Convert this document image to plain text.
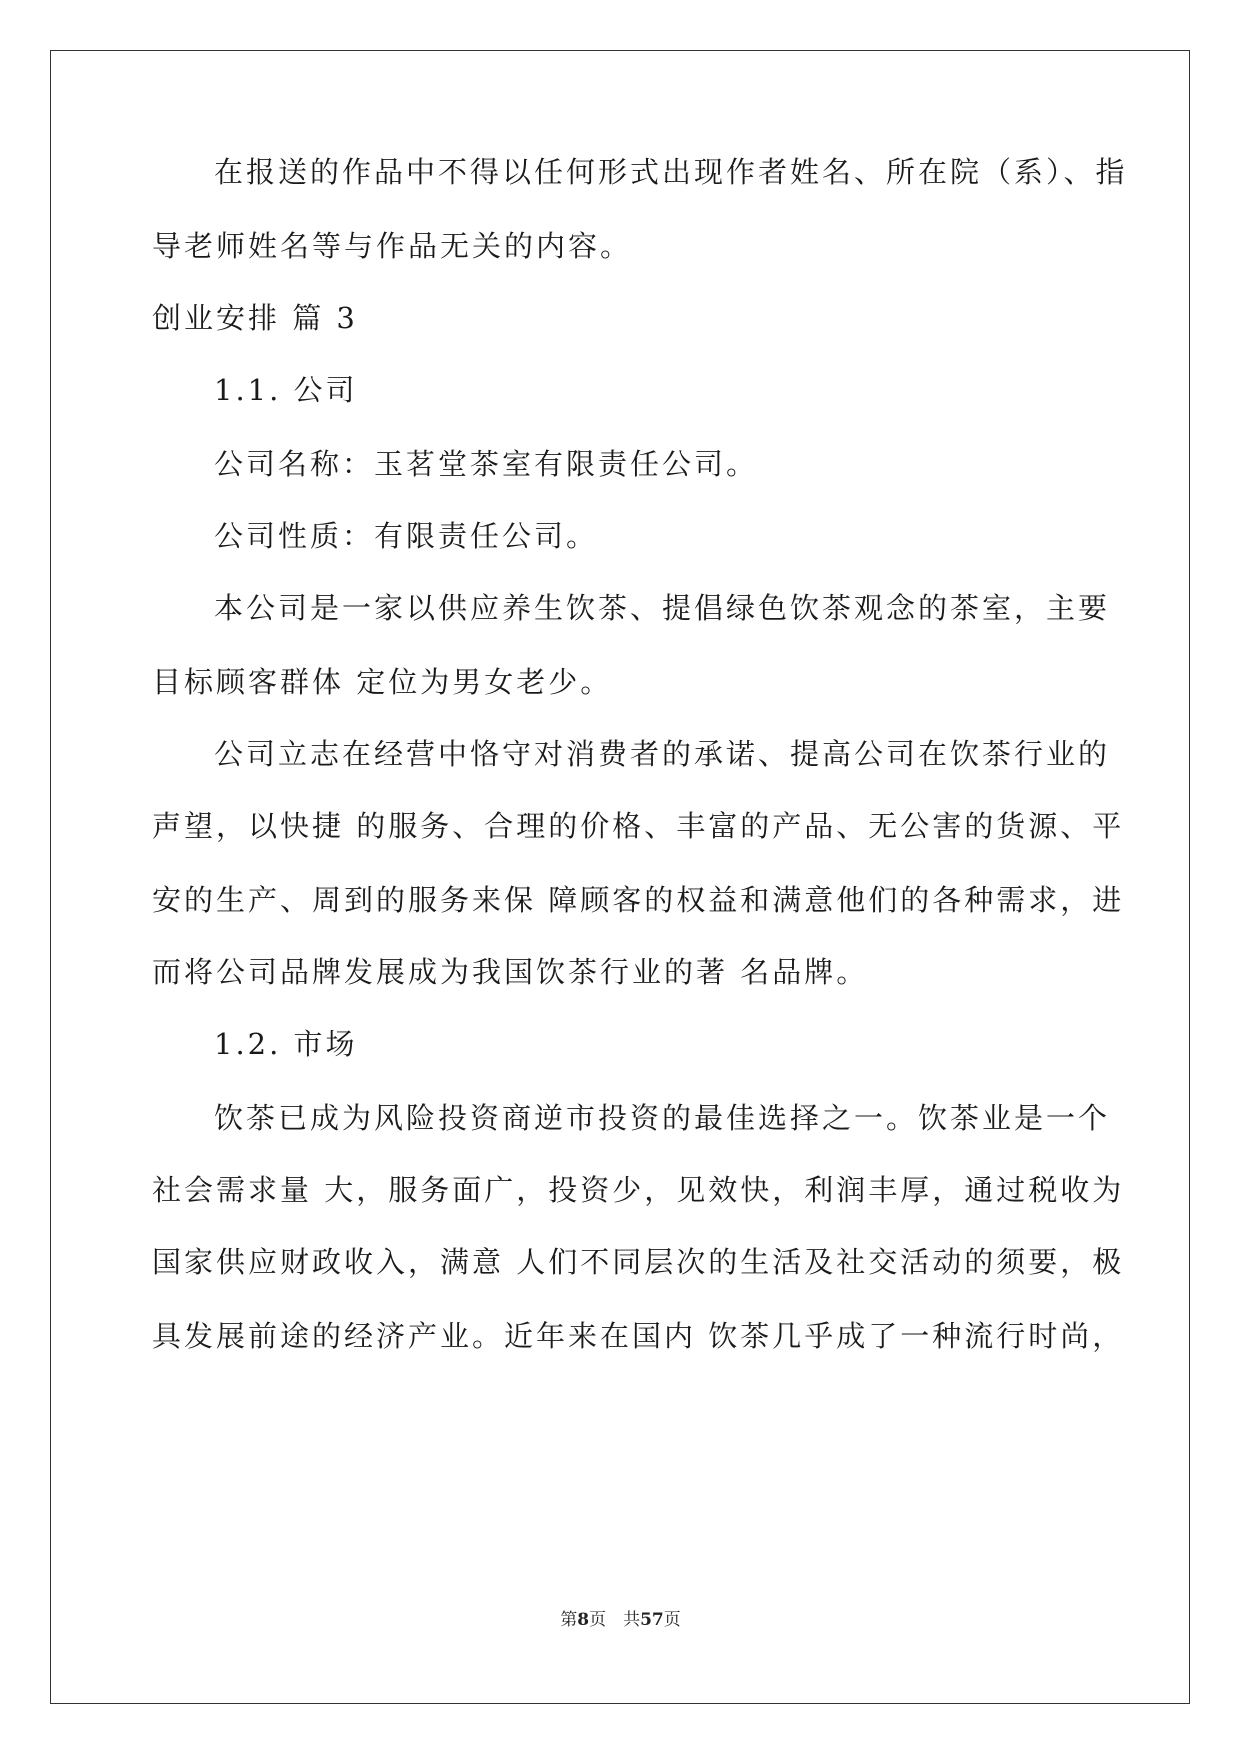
在报送的作品中不得以任何形式出现作者姓名、所在院（系）、指
导老师姓名等与作品无关的内容。
创业安排 篇 3
1.1. 公司
公司名称：玉茗堂茶室有限责任公司。
公司性质：有限责任公司。
本公司是一家以供应养生饮茶、提倡绿色饮茶观念的茶室，主要
目标顾客群体 定位为男女老少。
公司立志在经营中恪守对消费者的承诺、提高公司在饮茶行业的
声望，以快捷 的服务、合理的价格、丰富的产品、无公害的货源、平
安的生产、周到的服务来保 障顾客的权益和满意他们的各种需求，进
而将公司品牌发展成为我国饮茶行业的著 名品牌。
1.2. 市场
饮茶已成为风险投资商逆市投资的最佳选择之一。饮茶业是一个
社会需求量 大，服务面广，投资少，见效快，利润丰厚，通过税收为
国家供应财政收入，满意 人们不同层次的生活及社交活动的须要，极
具发展前途的经济产业。近年来在国内 饮茶几乎成了一种流行时尚，
第8页　共57页
